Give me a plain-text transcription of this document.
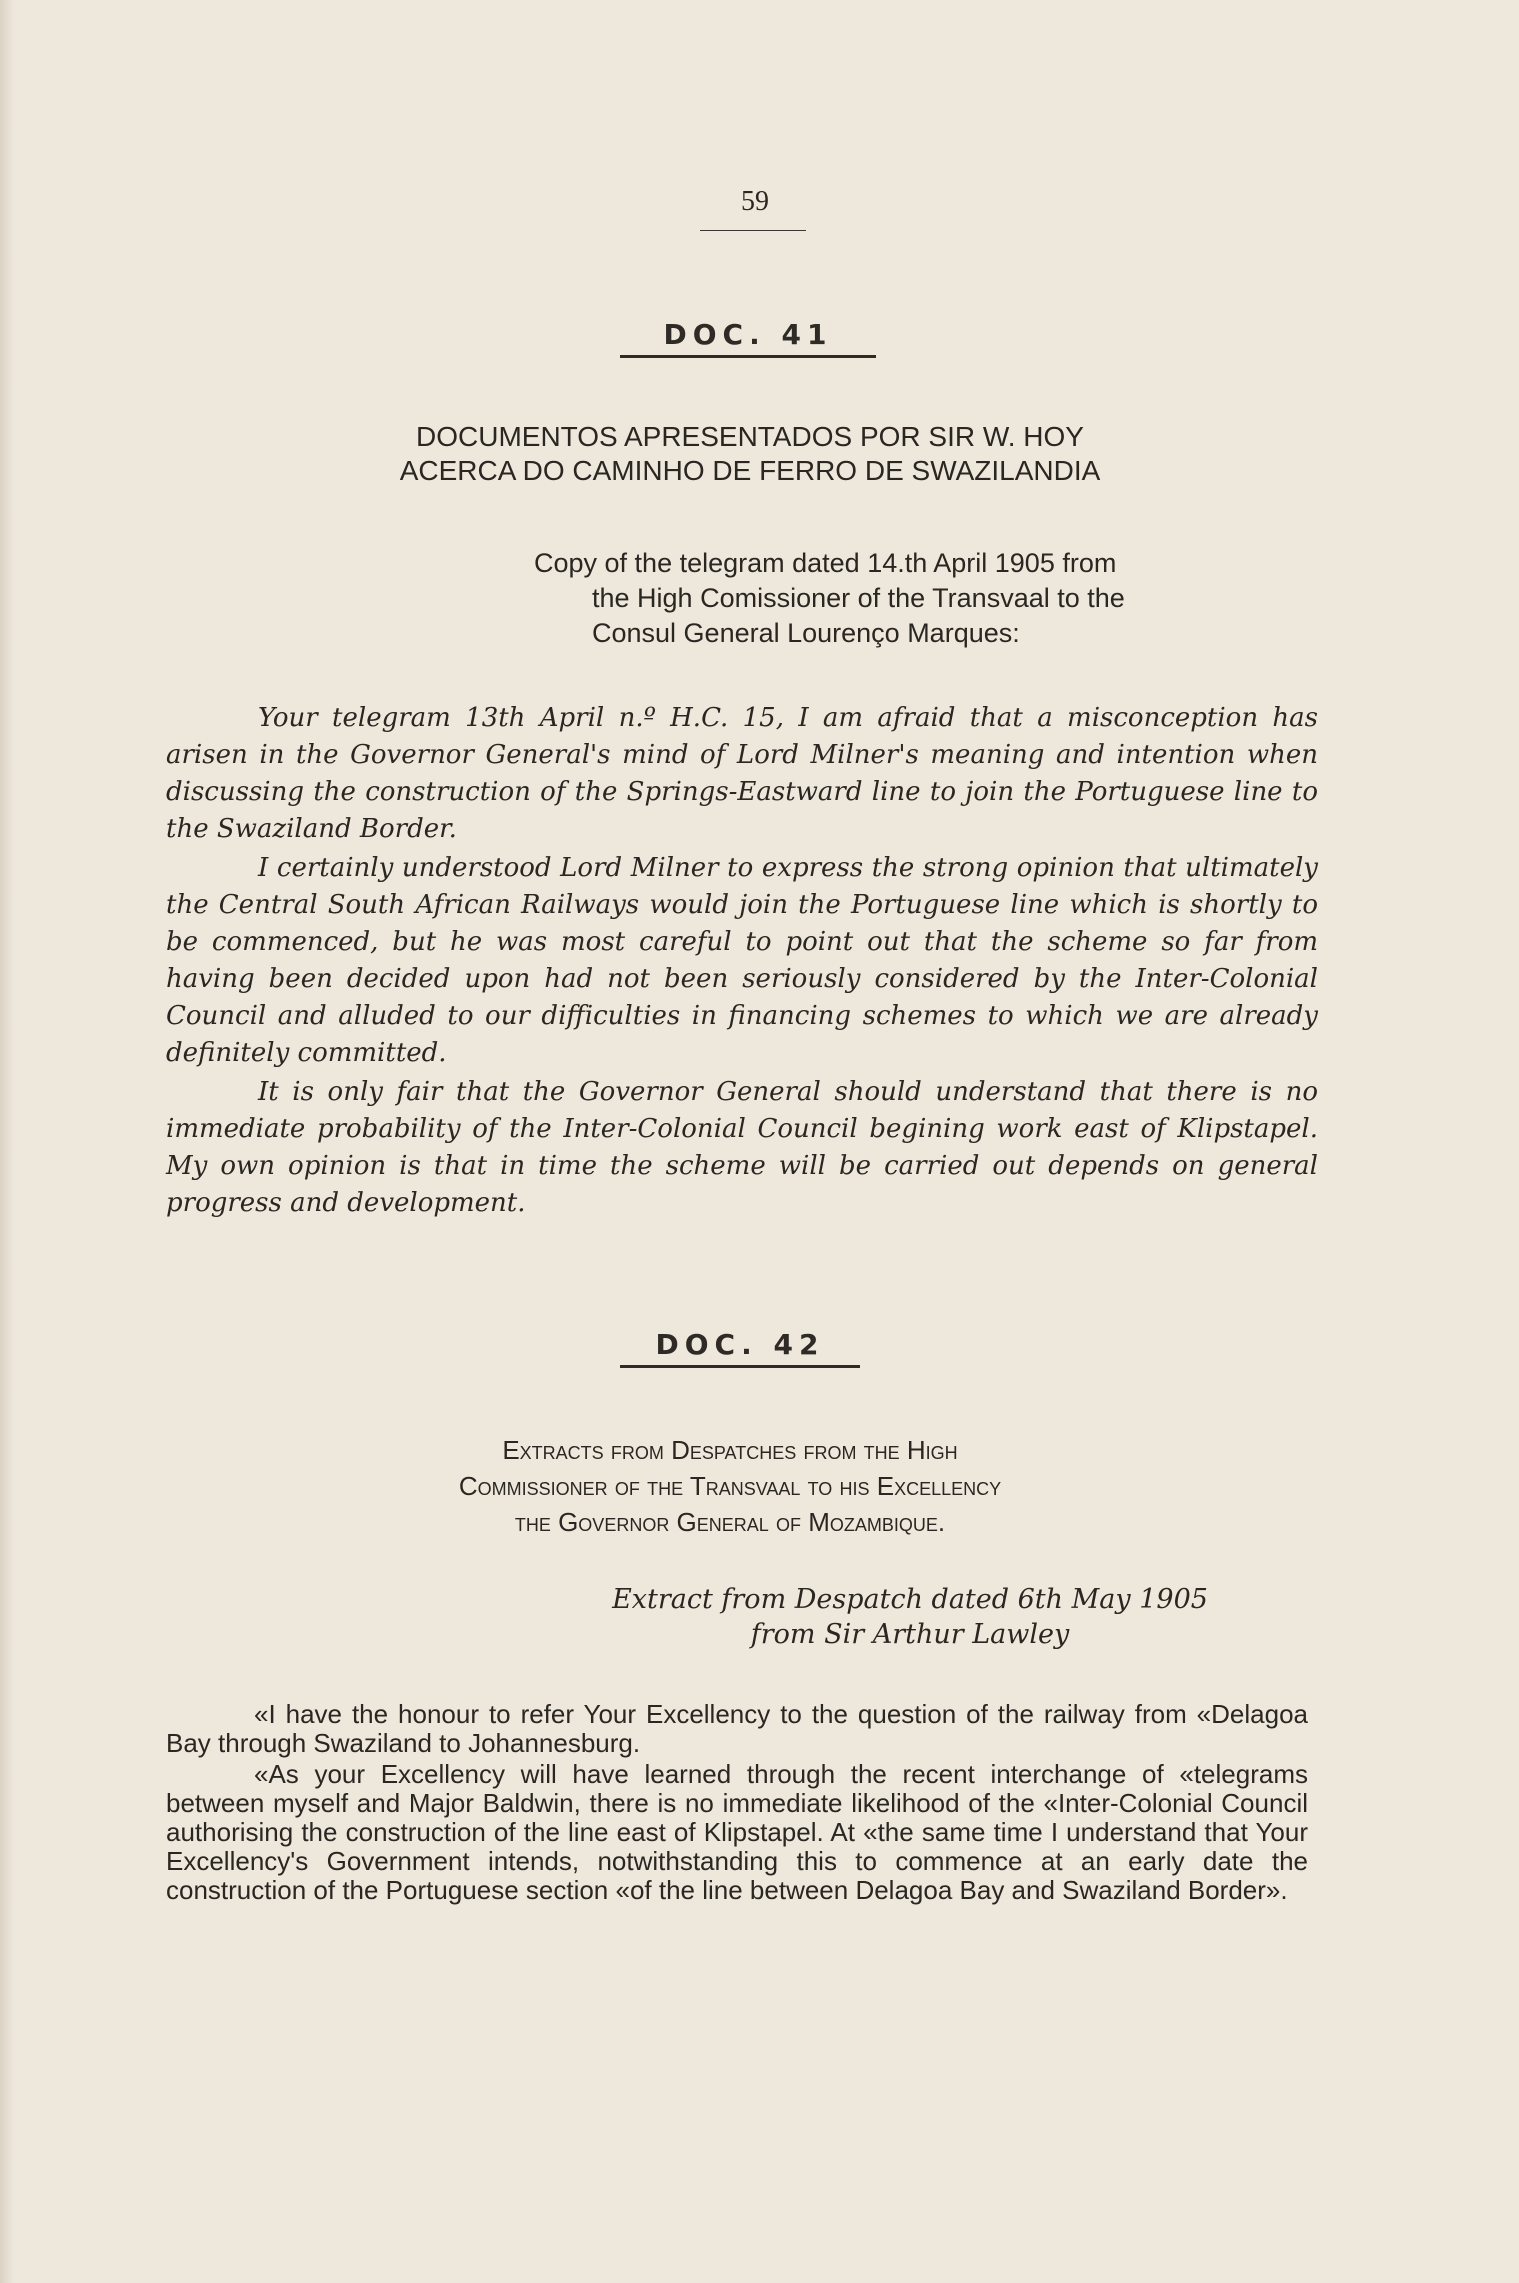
59
DOC. 41
DOCUMENTOS APRESENTADOS POR SIR W. HOY
ACERCA DO CAMINHO DE FERRO DE SWAZILANDIA
Copy of the telegram dated 14.th April 1905 from
the High Comissioner of the Transvaal to the
Consul General Lourenço Marques:

Your telegram 13th April n.º H.C. 15, I am afraid that a misconception has arisen in the Governor General's mind of Lord Milner's meaning and intention when discussing the construction of the Springs-Eastward line to join the Portuguese line to the Swaziland Border.

I certainly understood Lord Milner to express the strong opinion that ultimately the Central South African Railways would join the Portuguese line which is shortly to be commenced, but he was most careful to point out that the scheme so far from having been decided upon had not been seriously considered by the Inter-Colonial Council and alluded to our difficulties in financing schemes to which we are already definitely committed.

It is only fair that the Governor General should understand that there is no immediate probability of the Inter-Colonial Council begining work east of Klipstapel. My own opinion is that in time the scheme will be carried out depends on general progress and development.

DOC. 42
Extracts from Despatches from the High
Commissioner of the Transvaal to his Excellency
the Governor General of Mozambique.
Extract from Despatch dated 6th May 1905
from Sir Arthur Lawley

«I have the honour to refer Your Excellency to the question of the railway from «Delagoa Bay through Swaziland to Johannesburg.

«As your Excellency will have learned through the recent interchange of «telegrams between myself and Major Baldwin, there is no immediate likelihood of the «Inter-Colonial Council authorising the construction of the line east of Klipstapel. At «the same time I understand that Your Excellency's Government intends, notwithstanding this to commence at an early date the construction of the Portuguese section «of the line between Delagoa Bay and Swaziland Border».
